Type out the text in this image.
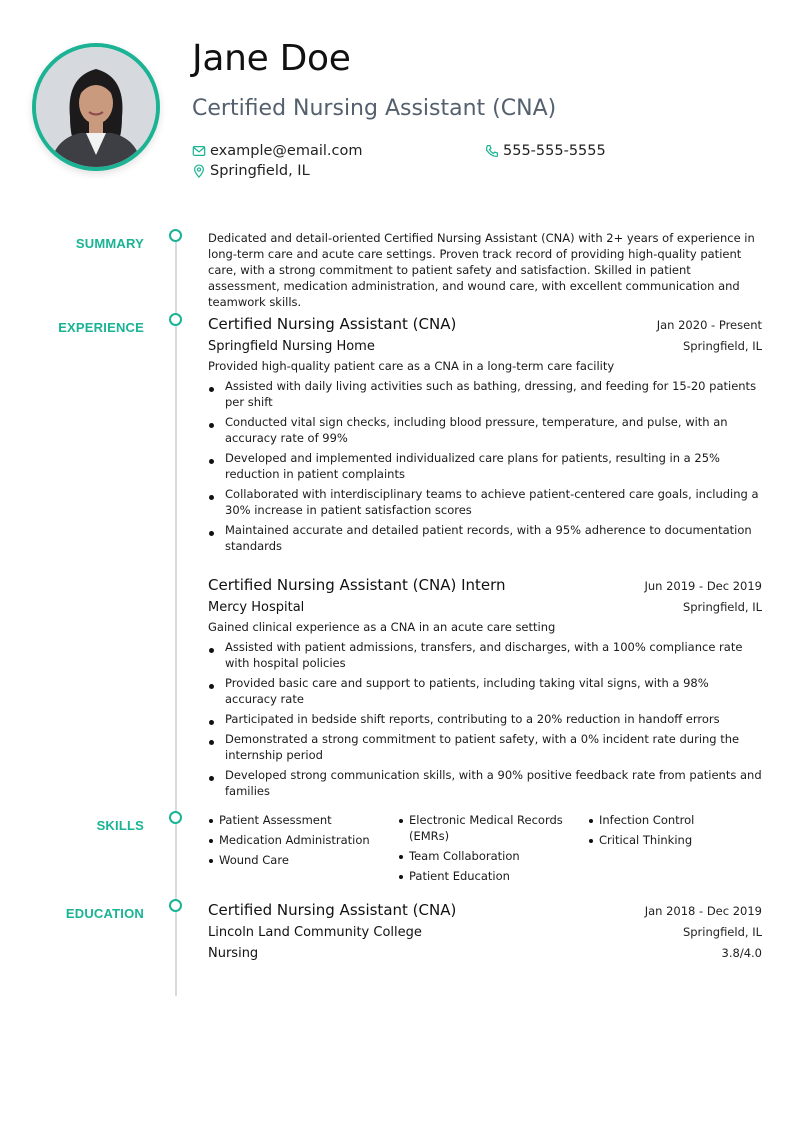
Jane Doe
Certified Nursing Assistant (CNA)
example@email.com	555-555-5555
Springfield, IL
SUMMARY
EXPERIENCE
SKILLS
EDUCATION
Dedicated and detail-oriented Certified Nursing Assistant (CNA) with 2+ years of experience in long-term care and acute care settings. Proven track record of providing high-quality patient care, with a strong commitment to patient safety and satisfaction. Skilled in patient assessment, medication administration, and wound care, with excellent communication and teamwork skills.
Certified Nursing Assistant (CNA)	Jan 2020 - Present
Springfield Nursing Home	Springfield, IL
Provided high-quality patient care as a CNA in a long-term care facility
Assisted with daily living activities such as bathing, dressing, and feeding for 15-20 patients per shift
Conducted vital sign checks, including blood pressure, temperature, and pulse, with an accuracy rate of 99%
Developed and implemented individualized care plans for patients, resulting in a 25% reduction in patient complaints
Collaborated with interdisciplinary teams to achieve patient-centered care goals, including a 30% increase in patient satisfaction scores
Maintained accurate and detailed patient records, with a 95% adherence to documentation standards
Certified Nursing Assistant (CNA) Intern	Jun 2019 - Dec 2019
Mercy Hospital	Springfield, IL
Gained clinical experience as a CNA in an acute care setting
Assisted with patient admissions, transfers, and discharges, with a 100% compliance rate with hospital policies
Provided basic care and support to patients, including taking vital signs, with a 98% accuracy rate
Participated in bedside shift reports, contributing to a 20% reduction in handoff errors
Demonstrated a strong commitment to patient safety, with a 0% incident rate during the internship period
Developed strong communication skills, with a 90% positive feedback rate from patients and families
Patient Assessment
Medication Administration
Wound Care
Electronic Medical Records (EMRs)
Team Collaboration
Patient Education
Infection Control
Critical Thinking
Certified Nursing Assistant (CNA)	Jan 2018 - Dec 2019
Lincoln Land Community College	Springfield, IL
Nursing	3.8/4.0
